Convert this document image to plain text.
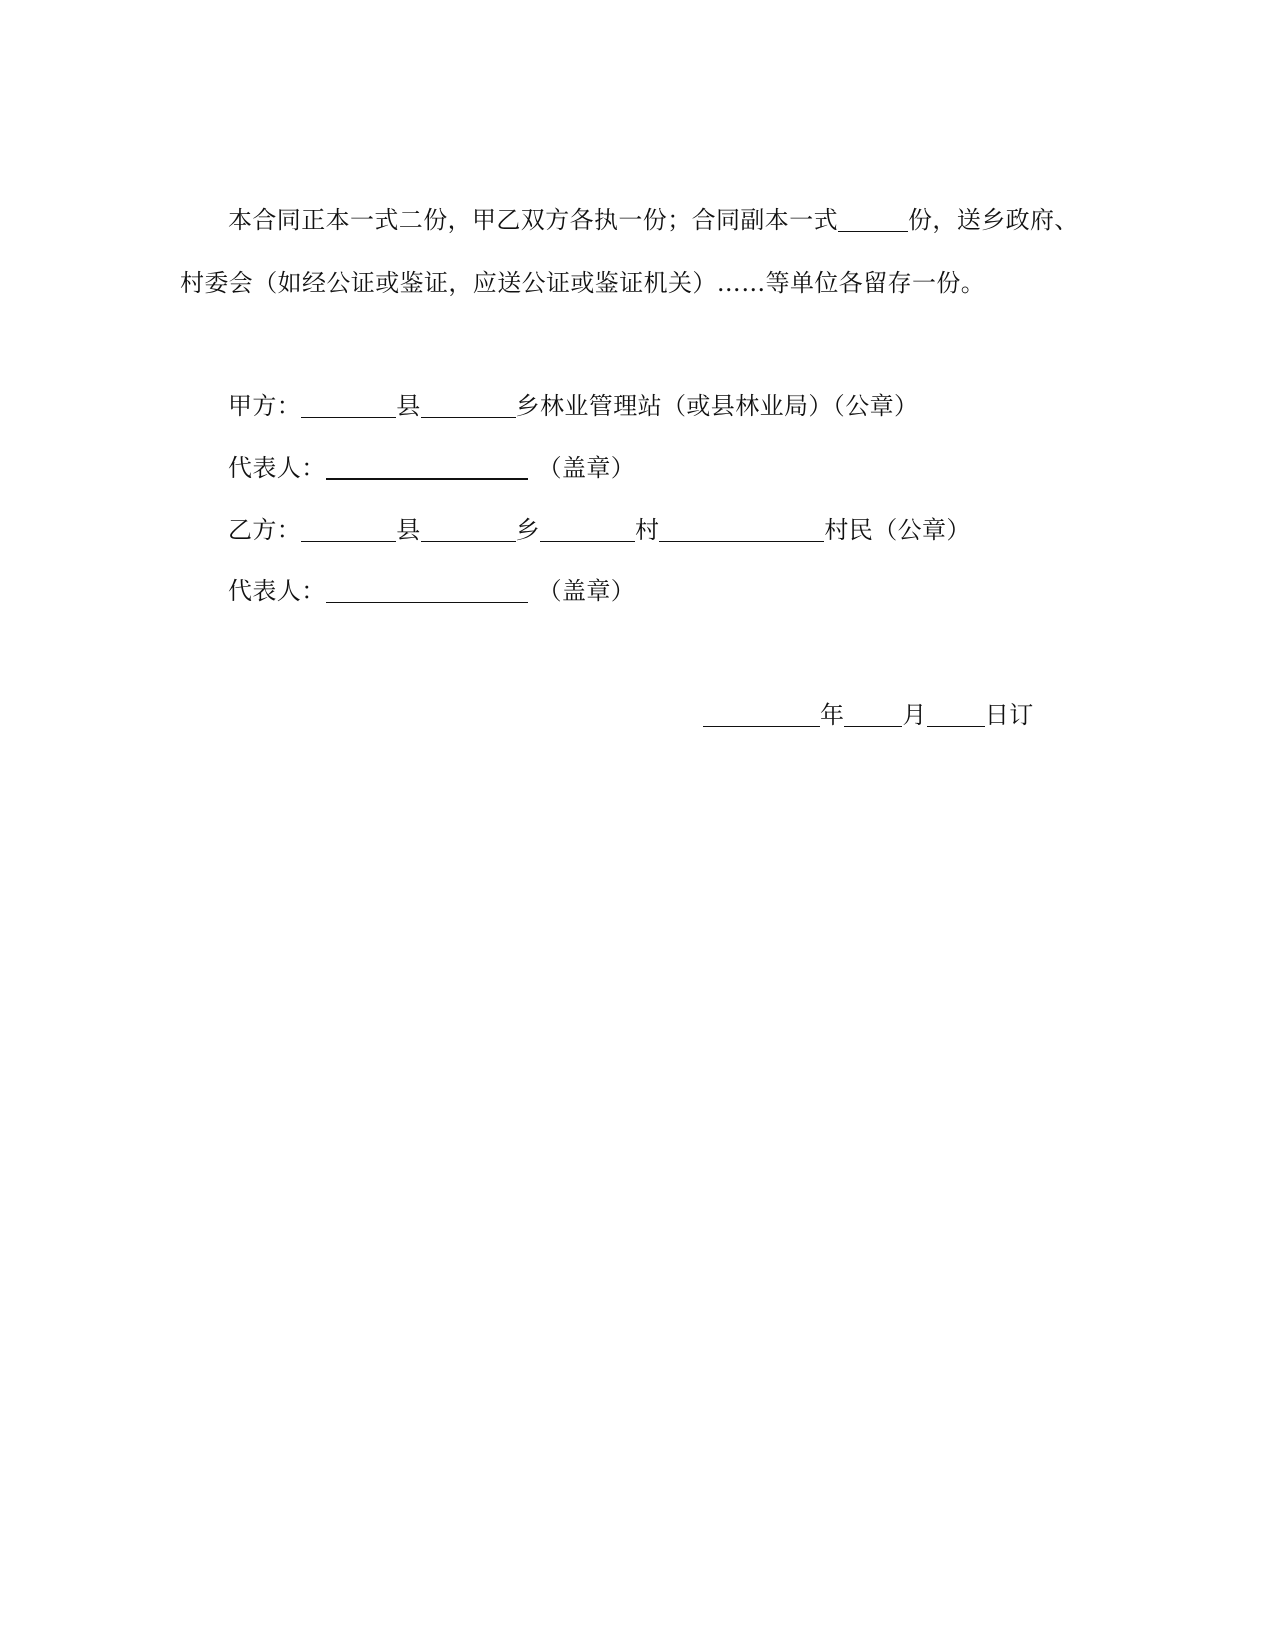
本合同正本一式二份，甲乙双方各执一份；合同副本一式	份，送乡政府、
村委会（如经公证或鉴证，应送公证或鉴证机关）……等单位各留存一份。
甲方：	县	乡林业管理站（或县林业局）（公章）
代表人：	（盖章）
乙方：	县	乡	村	村民（公章）
代表人：	（盖章）
年 月 日订
